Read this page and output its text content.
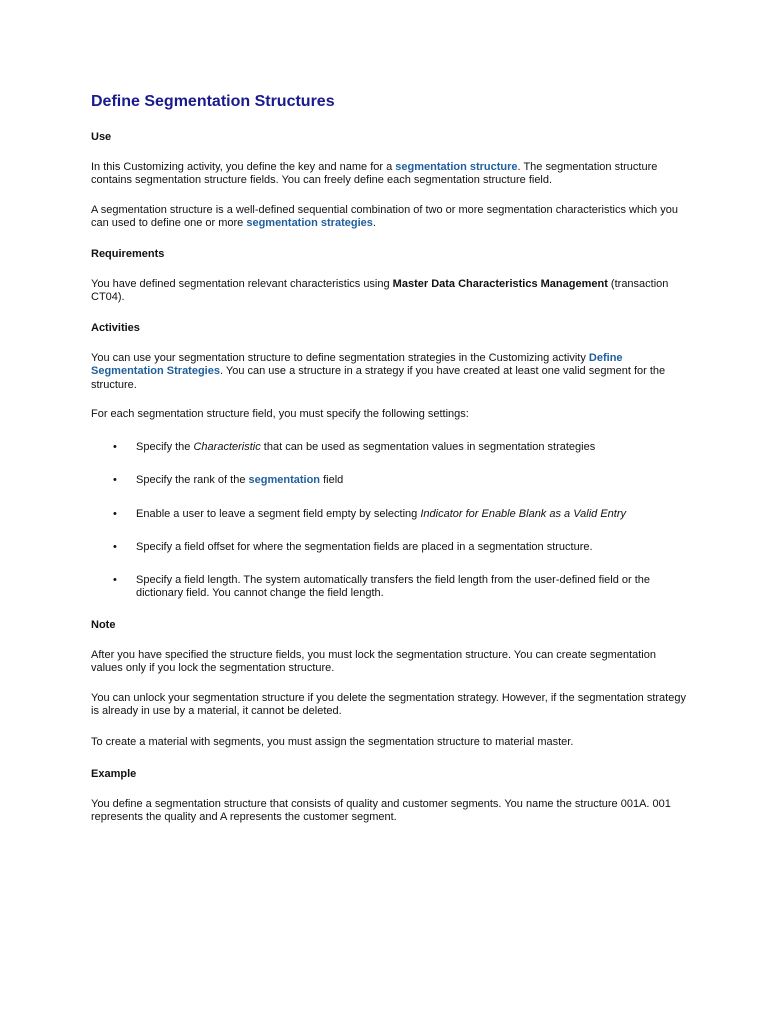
Define Segmentation Structures
Use

In this Customizing activity, you define the key and name for a segmentation structure. The segmentation structure contains segmentation structure fields. You can freely define each segmentation structure field.

A segmentation structure is a well-defined sequential combination of two or more segmentation characteristics which you can used to define one or more segmentation strategies.

Requirements

You have defined segmentation relevant characteristics using Master Data Characteristics Management (transaction CT04).

Activities

You can use your segmentation structure to define segmentation strategies in the Customizing activity Define Segmentation Strategies. You can use a structure in a strategy if you have created at least one valid segment for the structure.

For each segmentation structure field, you must specify the following settings:

• Specify the Characteristic that can be used as segmentation values in segmentation strategies

• Specify the rank of the segmentation field

• Enable a user to leave a segment field empty by selecting Indicator for Enable Blank as a Valid Entry

• Specify a field offset for where the segmentation fields are placed in a segmentation structure.

• Specify a field length. The system automatically transfers the field length from the user-defined field or the dictionary field. You cannot change the field length.

Note

After you have specified the structure fields, you must lock the segmentation structure. You can create segmentation values only if you lock the segmentation structure.

You can unlock your segmentation structure if you delete the segmentation strategy. However, if the segmentation strategy is already in use by a material, it cannot be deleted.

To create a material with segments, you must assign the segmentation structure to material master.

Example

You define a segmentation structure that consists of quality and customer segments. You name the structure 001A. 001 represents the quality and A represents the customer segment.
